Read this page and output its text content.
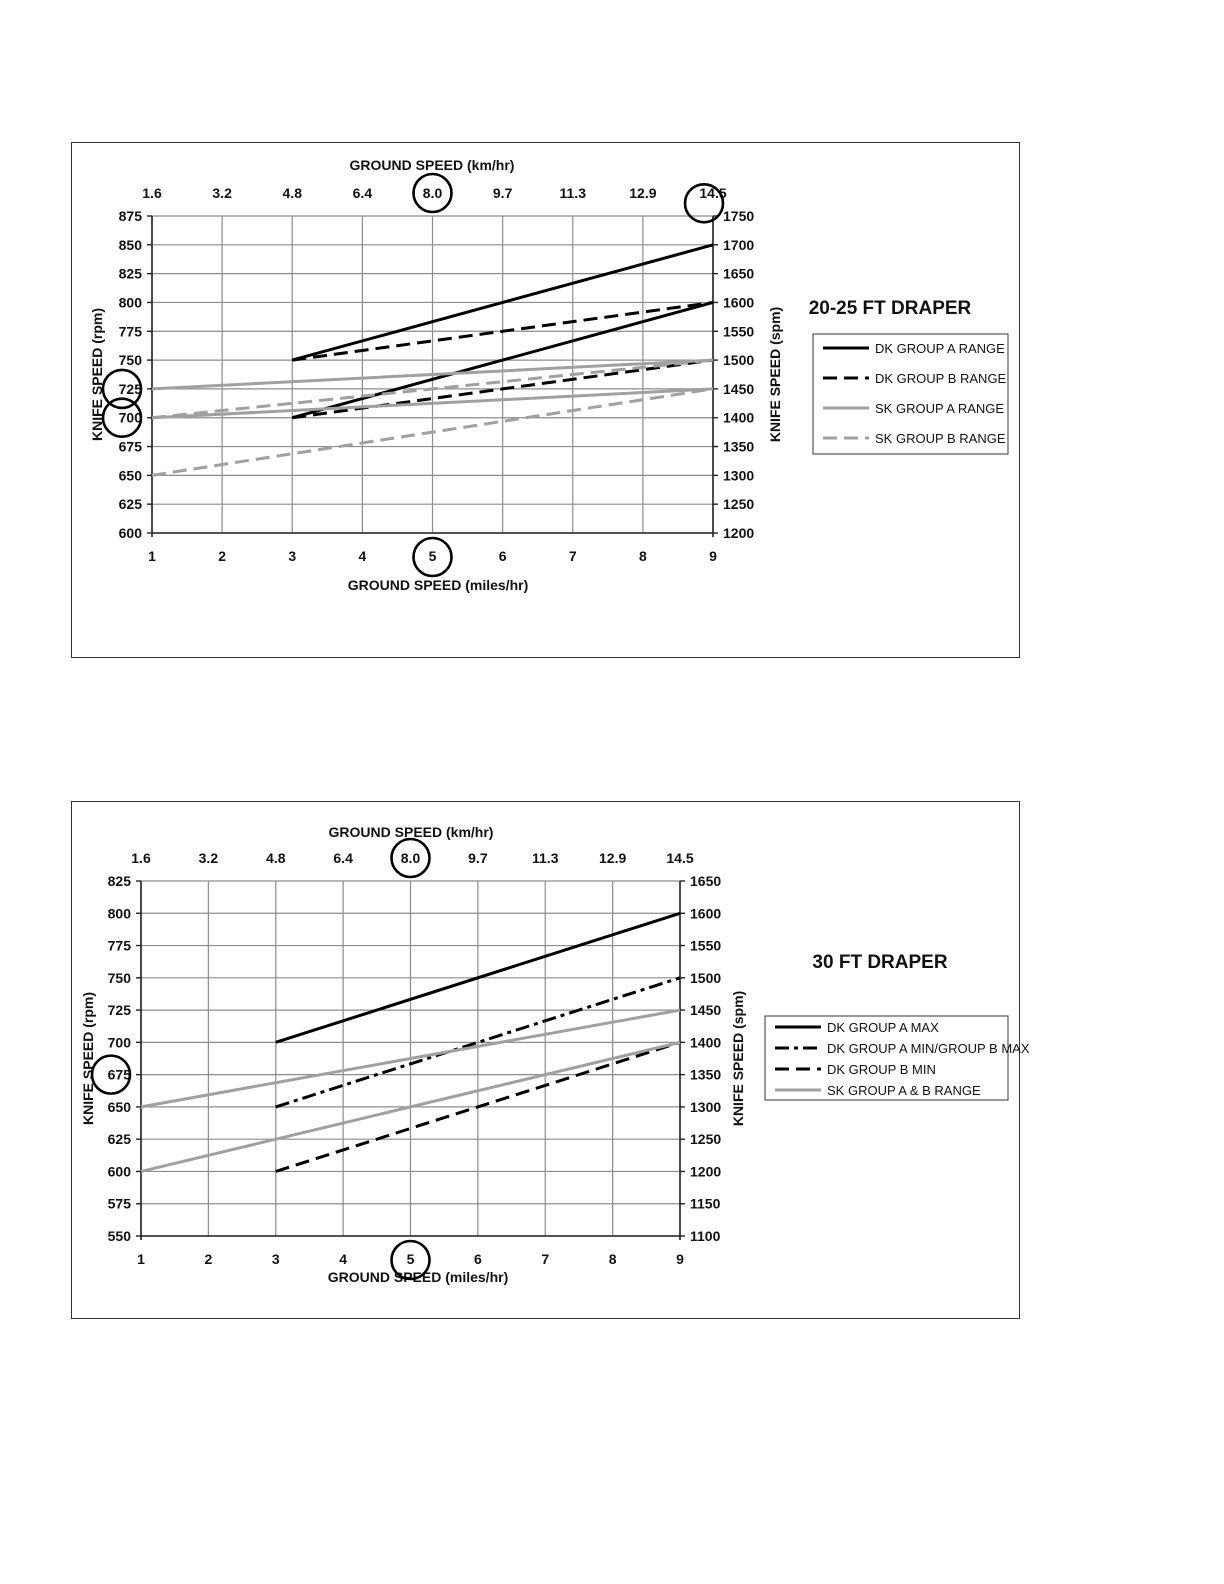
600	1200
625	1250
650	1300
675	1350
700	1400
725	1450
750	1500
775	1550
800	1600
825	1650
850	1700
875	1750
1
1.6
2
3.2
3
4.8
4
6.4
5
8.0
6
9.7
7
11.3
8
12.9
9
14.5
GROUND SPEED (km/hr)
GROUND SPEED (miles/hr)
KNIFE SPEED (rpm)	KNIFE SPEED (spm) 20-25 FT DRAPER
DK GROUP A RANGE
DK GROUP B RANGE
SK GROUP A RANGE
SK GROUP B RANGE
550	1100
575	1150
600	1200
625	1250
650	1300
675	1350
700	1400
725	1450
750	1500
775	1550
800	1600
825	1650
1
1.6
2
3.2
3
4.8
4
6.4
5
8.0
6
9.7
7
11.3
8
12.9
9
14.5
GROUND SPEED (km/hr)
GROUND SPEED (miles/hr)
KNIFE SPEED (rpm)	KNIFE SPEED (spm)
30 FT DRAPER
DK GROUP A MAX
DK GROUP A MIN/GROUP B MAX
DK GROUP B MIN
SK GROUP A & B RANGE
